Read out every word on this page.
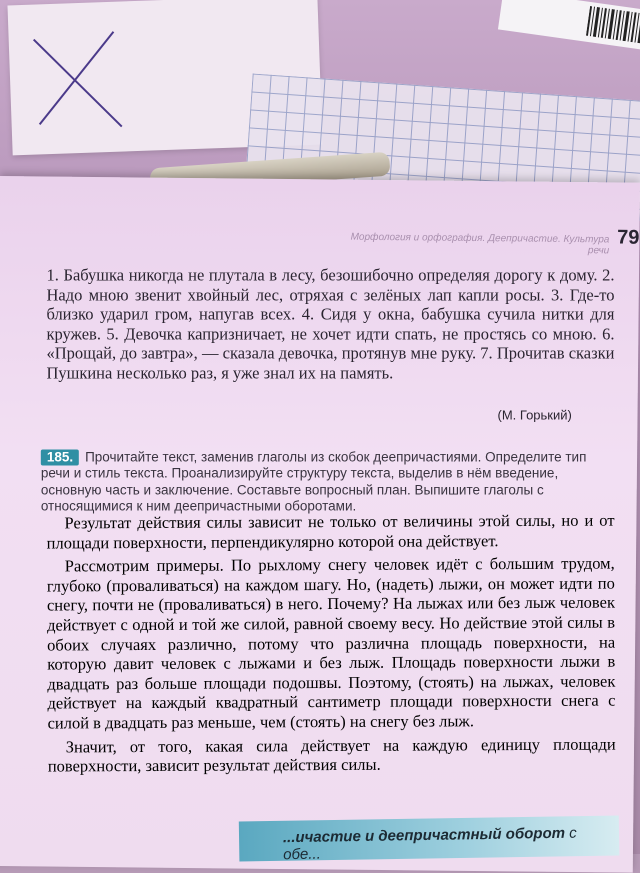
Морфология и орфография. Деепричастие. Культура речи
79
1. Бабушка никогда не плутала в лесу, безошибочно определяя дорогу к дому. 2. Надо мною звенит хвойный лес, отряхая с зелёных лап капли росы. 3. Где-то близко ударил гром, напугав всех. 4. Сидя у окна, бабушка сучила нитки для кружев. 5. Девочка капризничает, не хочет идти спать, не простясь со мною. 6. «Прощай, до завтра», — сказала девочка, протянув мне руку. 7. Прочитав сказки Пушкина несколько раз, я уже знал их на память.
(М. Горький)
185. Прочитайте текст, заменив глаголы из скобок деепричастиями. Определите тип речи и стиль текста. Проанализируйте структуру текста, выделив в нём введение, основную часть и заключение. Составьте вопросный план. Выпишите глаголы с относящимися к ним деепричастными оборотами.

Результат действия силы зависит не только от величины этой силы, но и от площади поверхности, перпендикулярно которой она действует.

Рассмотрим примеры. По рыхлому снегу человек идёт с большим трудом, глубоко (проваливаться) на каждом шагу. Но, (надеть) лыжи, он может идти по снегу, почти не (проваливаться) в него. Почему? На лыжах или без лыж человек действует с одной и той же силой, равной своему весу. Но действие этой силы в обоих случаях различно, потому что различна площадь поверхности, на которую давит человек с лыжами и без лыж. Площадь поверхности лыжи в двадцать раз больше площади подошвы. Поэтому, (стоять) на лыжах, человек действует на каждый квадратный сантиметр площади поверхности снега с силой в двадцать раз меньше, чем (стоять) на снегу без лыж.

Значит, от того, какая сила действует на каждую единицу площади поверхности, зависит результат действия силы.

...ичастие и деепричастный оборот с обе...
